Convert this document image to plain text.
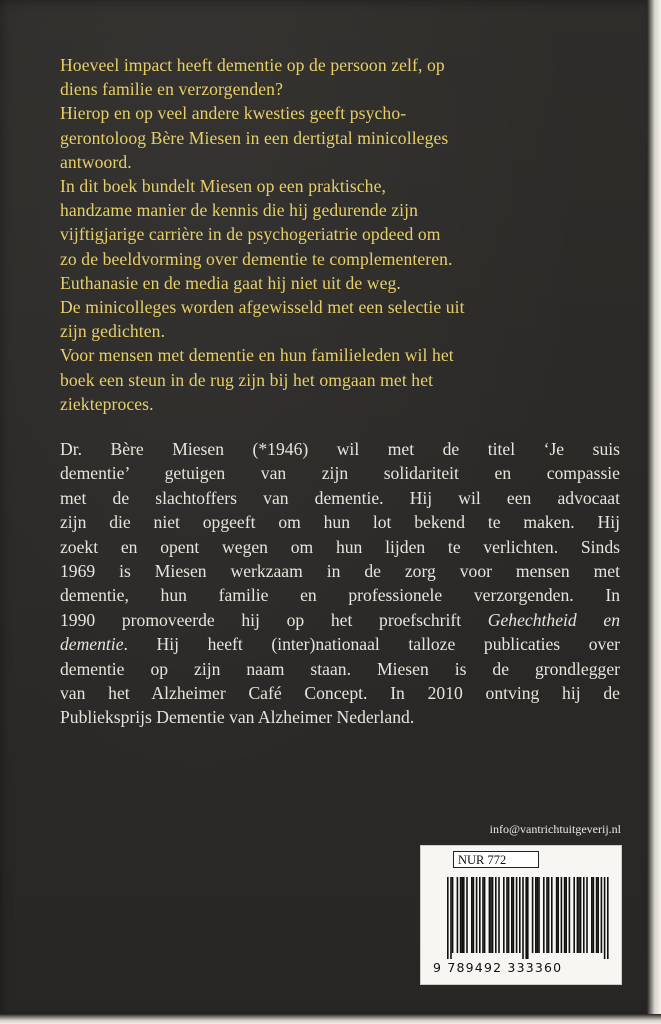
Hoeveel impact heeft dementie op de persoon zelf, op
diens familie en verzorgenden?
Hierop en op veel andere kwesties geeft psycho-
gerontoloog Bère Miesen in een dertigtal minicolleges
antwoord.
In dit boek bundelt Miesen op een praktische,
handzame manier de kennis die hij gedurende zijn
vijftigjarige carrière in de psychogeriatrie opdeed om
zo de beeldvorming over dementie te complementeren.
Euthanasie en de media gaat hij niet uit de weg.
De minicolleges worden afgewisseld met een selectie uit
zijn gedichten.
Voor mensen met dementie en hun familieleden wil het
boek een steun in de rug zijn bij het omgaan met het
ziekteproces.
Dr. Bère Miesen (*1946) wil met de titel ‘Je suis
dementie’ getuigen van zijn solidariteit en compassie
met de slachtoffers van dementie. Hij wil een advocaat
zijn die niet opgeeft om hun lot bekend te maken. Hij
zoekt en opent wegen om hun lijden te verlichten. Sinds
1969 is Miesen werkzaam in de zorg voor mensen met
dementie, hun familie en professionele verzorgenden. In
1990 promoveerde hij op het proefschrift Gehechtheid en
dementie. Hij heeft (inter)nationaal talloze publicaties over
dementie op zijn naam staan. Miesen is de grondlegger
van het Alzheimer Café Concept. In 2010 ontving hij de
Publieksprijs Dementie van Alzheimer Nederland.
info@vantrichtuitgeverij.nl
NUR 772
9 789492 333360
